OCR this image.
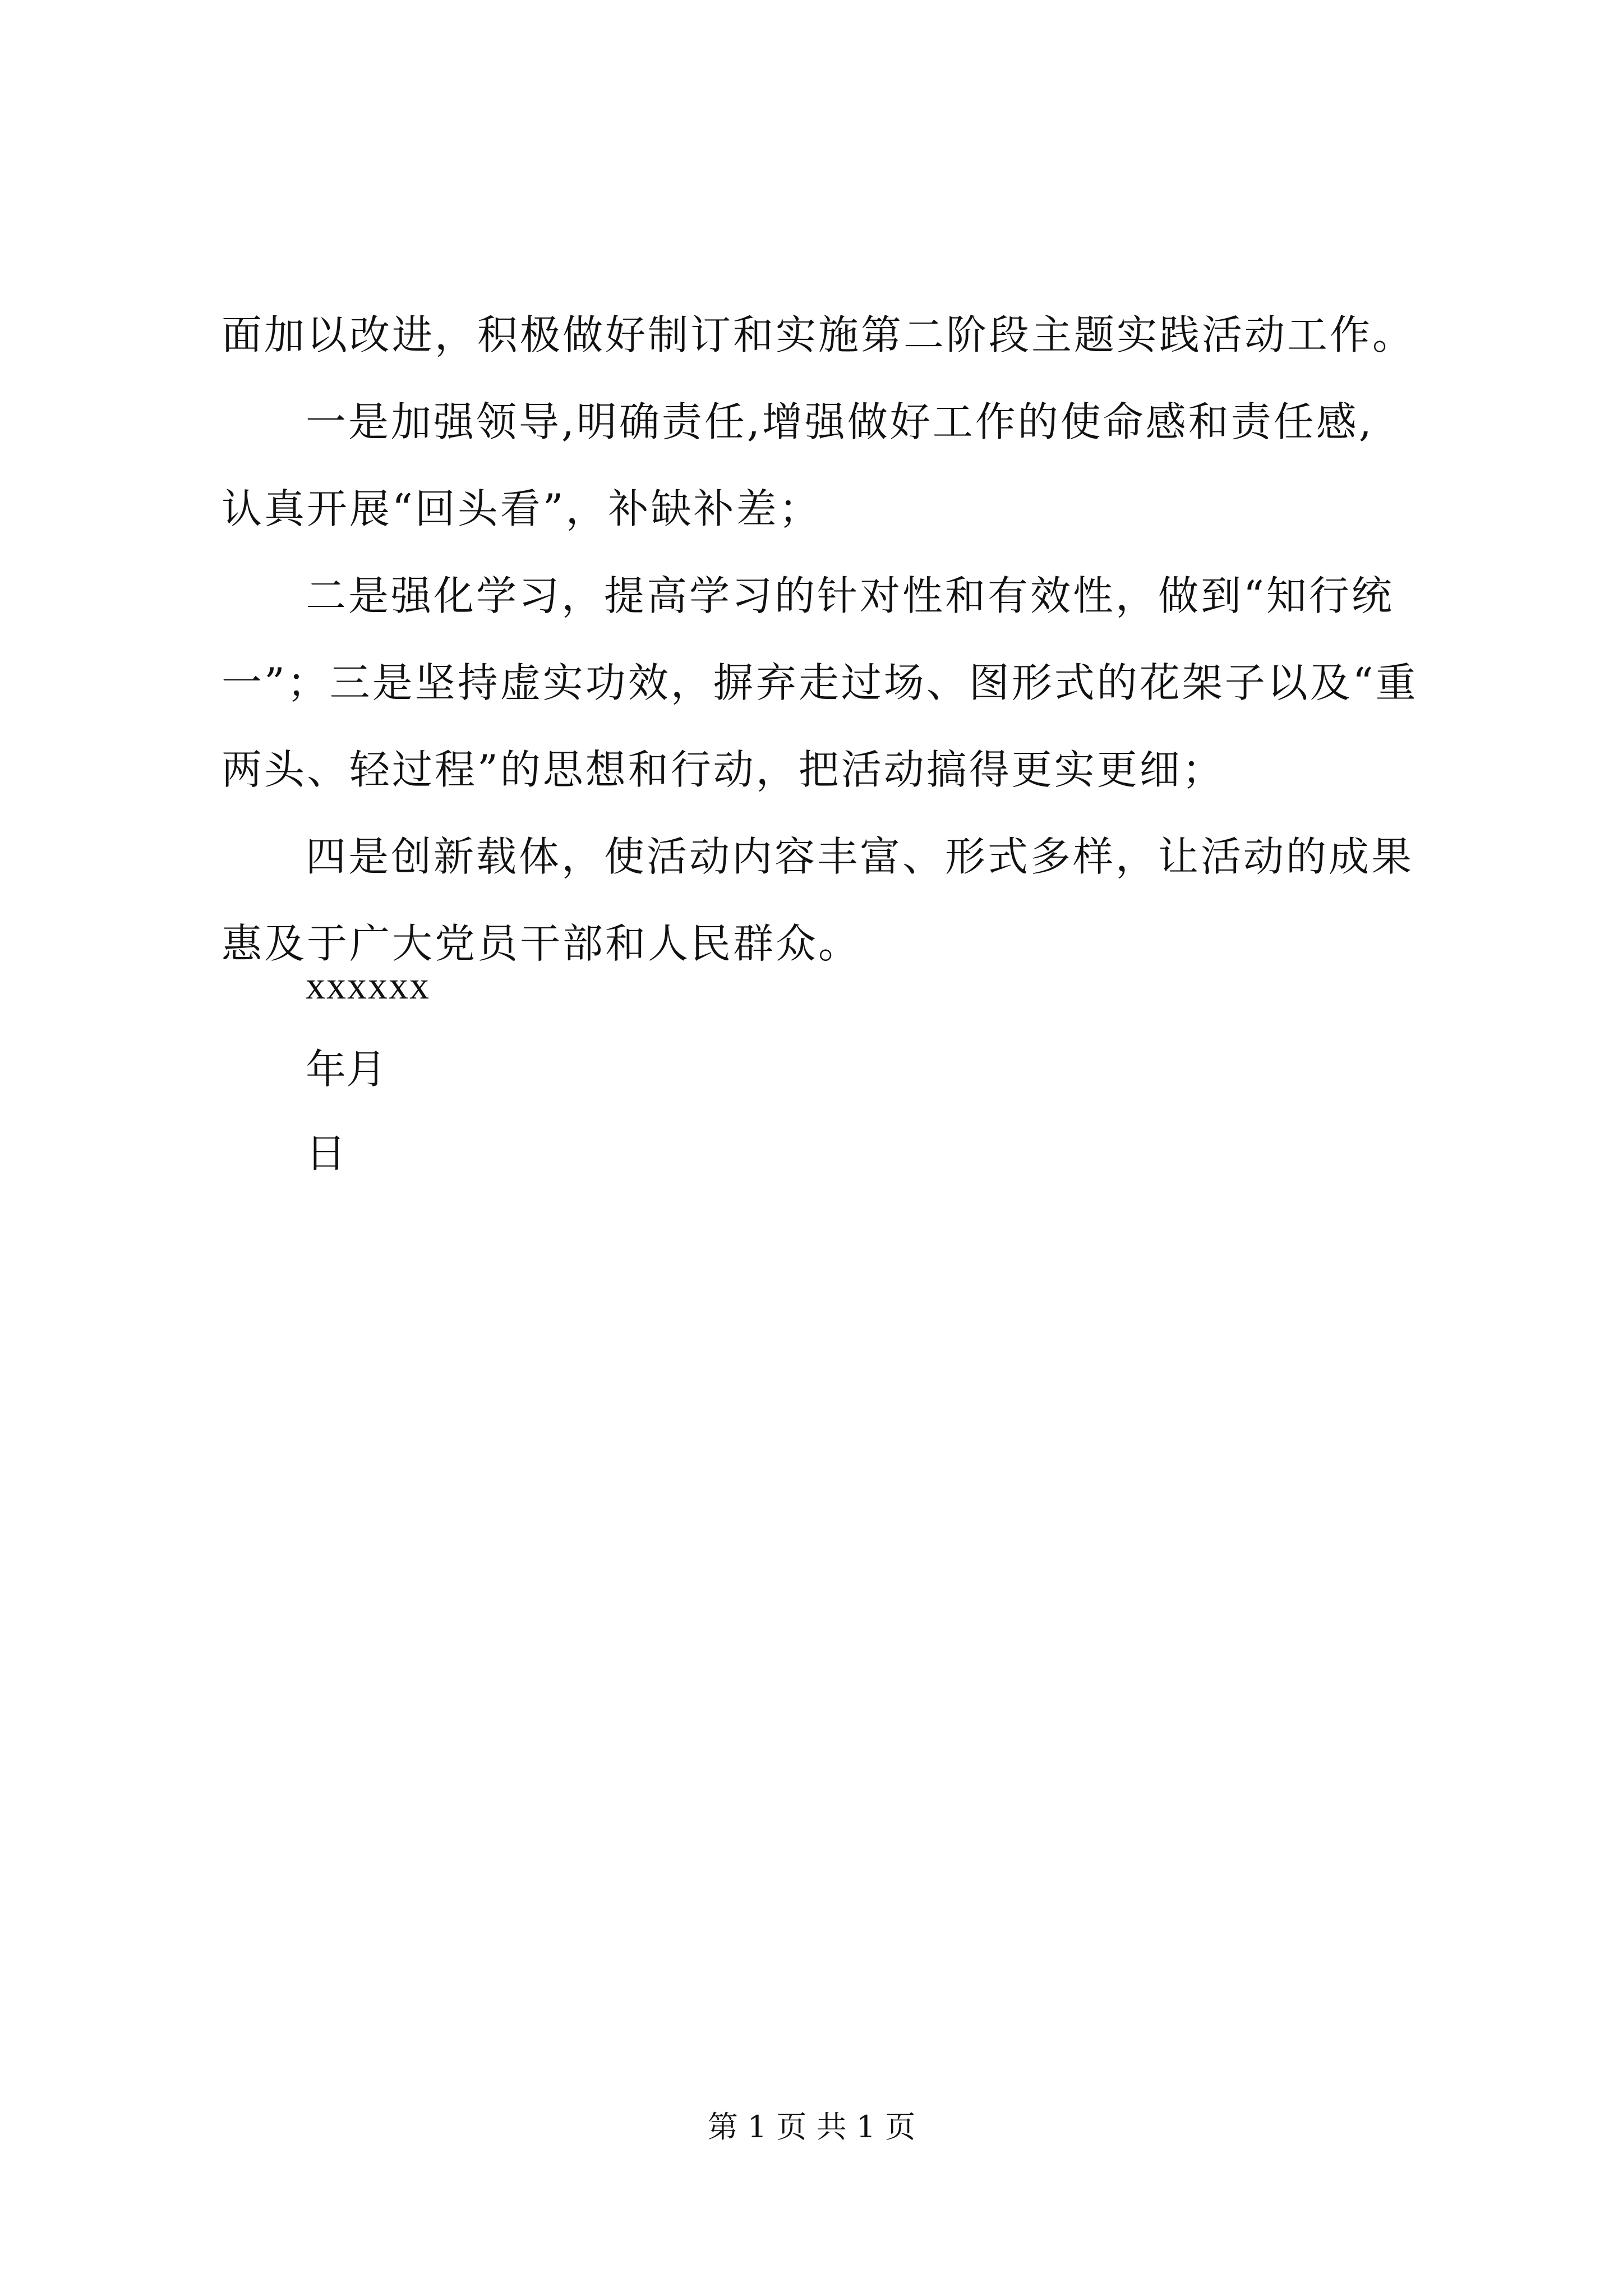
面加以改进，积极做好制订和实施第二阶段主题实践活动工作。
一是加强领导,明确责任,增强做好工作的使命感和责任感,
认真开展“回头看”，补缺补差；
二是强化学习，提高学习的针对性和有效性，做到“知行统
一”；三是坚持虚实功效，摒弃走过场、图形式的花架子以及“重
两头、轻过程”的思想和行动，把活动搞得更实更细；
四是创新载体，使活动内容丰富、形式多样，让活动的成果
惠及于广大党员干部和人民群众。
xxxxxx
年月
日
第 1 页 共 1 页
